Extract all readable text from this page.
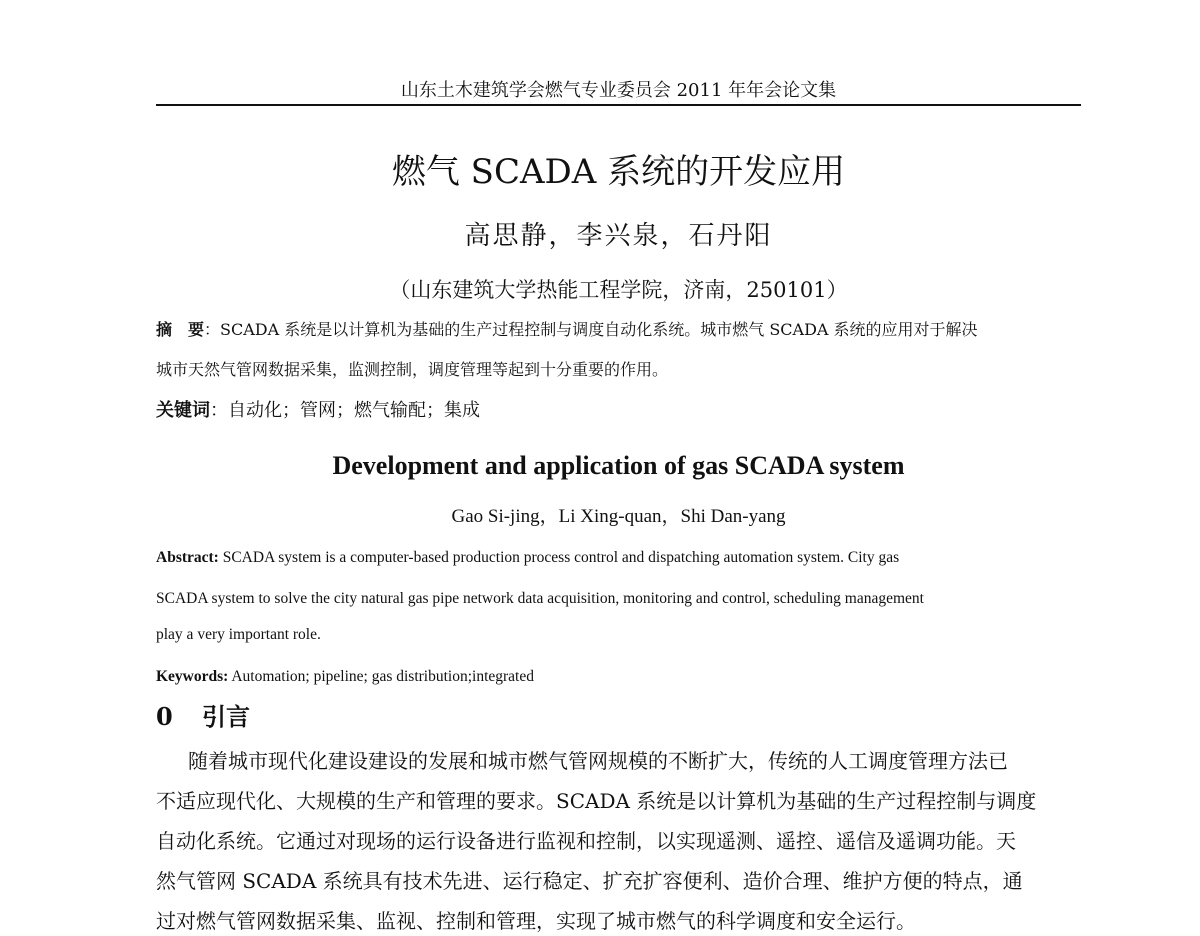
山东土木建筑学会燃气专业委员会 2011 年年会论文集
燃气 SCADA 系统的开发应用
高思静，李兴泉，石丹阳
（山东建筑大学热能工程学院，济南，250101）
摘　要：SCADA 系统是以计算机为基础的生产过程控制与调度自动化系统。城市燃气 SCADA 系统的应用对于解决
城市天然气管网数据采集，监测控制，调度管理等起到十分重要的作用。
关键词：自动化；管网；燃气输配；集成
Development and application of gas SCADA system
Gao Si-jing，Li Xing-quan，Shi Dan-yang
Abstract: SCADA system is a computer-based production process control and dispatching automation system. City gas
SCADA system to solve the city natural gas pipe network data acquisition, monitoring and control, scheduling management
play a very important role.
Keywords: Automation; pipeline; gas distribution;integrated
0 引言
随着城市现代化建设建设的发展和城市燃气管网规模的不断扩大，传统的人工调度管理方法已
不适应现代化、大规模的生产和管理的要求。SCADA 系统是以计算机为基础的生产过程控制与调度
自动化系统。它通过对现场的运行设备进行监视和控制，以实现遥测、遥控、遥信及遥调功能。天
然气管网 SCADA 系统具有技术先进、运行稳定、扩充扩容便利、造价合理、维护方便的特点，通
过对燃气管网数据采集、监视、控制和管理，实现了城市燃气的科学调度和安全运行。
